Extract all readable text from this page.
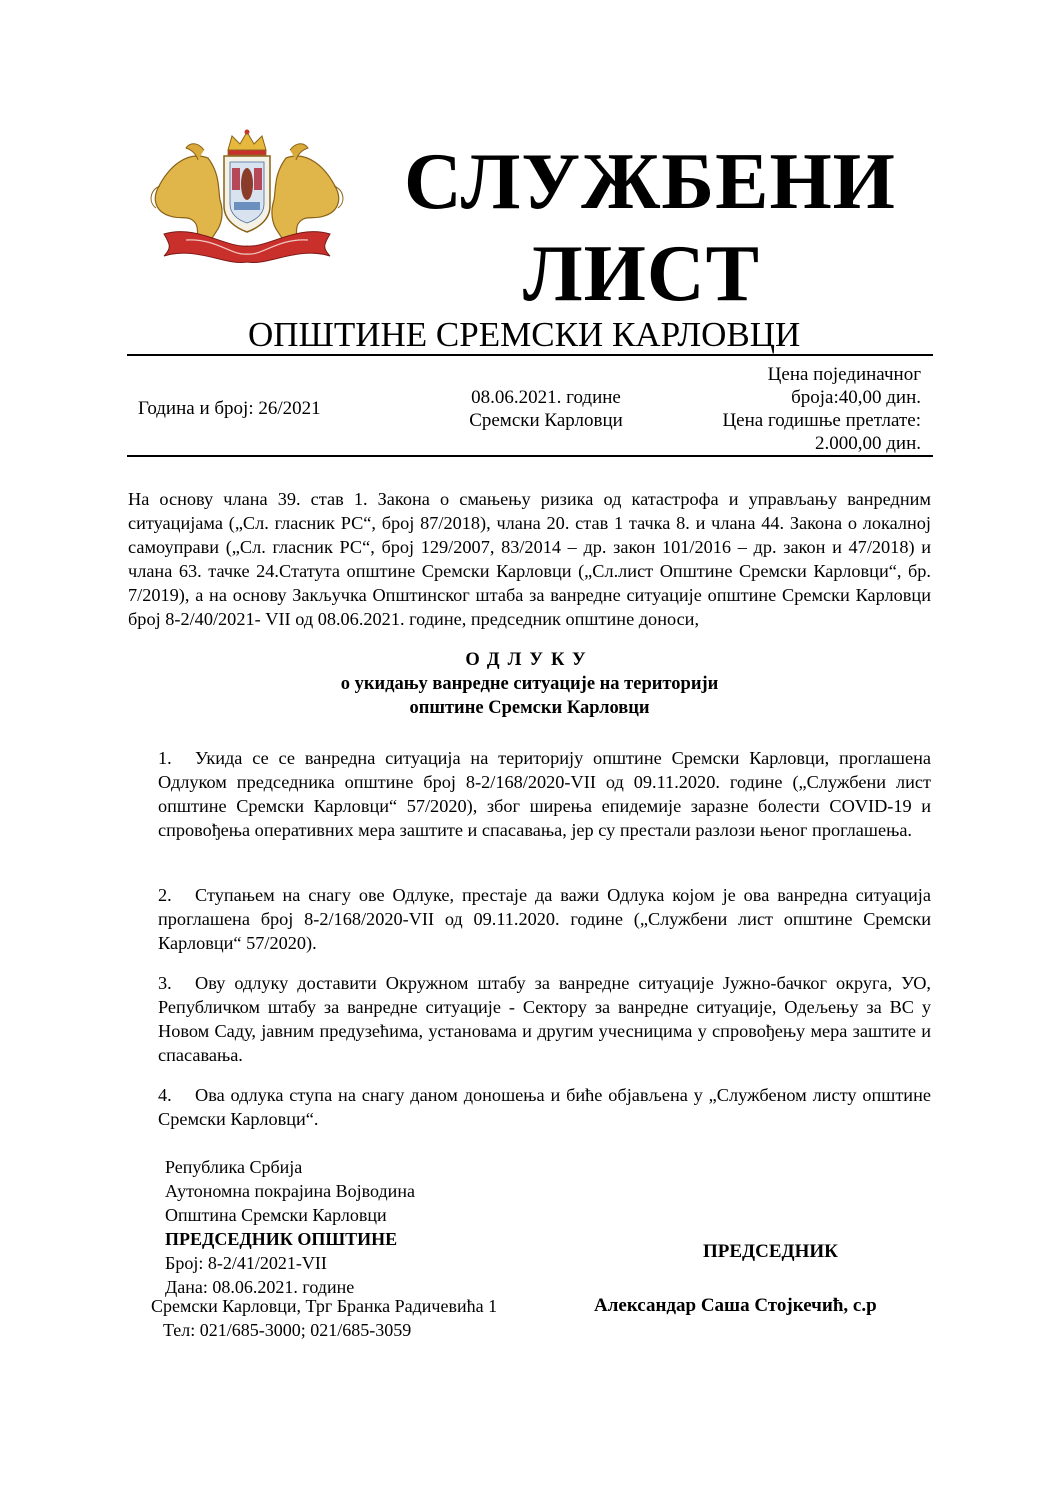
СЛУЖБЕНИ
ЛИСТ
ОПШТИНЕ СРЕМСКИ КАРЛОВЦИ
Година и број: 26/2021
08.06.2021. године
Сремски Карловци
Цена појединачног
броја:40,00 дин.
Цена годишње претлате:
2.000,00 дин.
На основу члана 39. став 1. Закона о смањењу ризика од катастрофа и управљању ванредним ситуацијама („Сл. гласник РС“, број 87/2018), члана 20. став 1 тачка 8. и члана 44. Закона о локалној самоуправи („Сл. гласник РС“, број 129/2007, 83/2014 – др. закон 101/2016 – др. закон и 47/2018) и члана 63. тачке 24.Статута општине Сремски Карловци („Сл.лист Општине Сремски Карловци“, бр. 7/2019), а на основу Закључка Општинског штаба за ванредне ситуације општине Сремски Карловци број 8-2/40/2021- VII од 08.06.2021. године, председник општине доноси,
ОДЛУКУ
о укидању ванредне ситуације на територији
општине Сремски Карловци
1. Укида се се ванредна ситуација на територију општине Сремски Карловци, проглашена Одлуком председника општине број 8-2/168/2020-VII од 09.11.2020. године („Службени лист општине Сремски Карловци“ 57/2020), због ширења епидемије заразне болести COVID-19 и спровођења оперативних мера заштите и спасавања, јер су престали разлози њеног проглашења.
2. Ступањем на снагу ове Одлуке, престаје да важи Одлука којом је ова ванредна ситуација проглашена број 8-2/168/2020-VII од 09.11.2020. године („Службени лист општине Сремски Карловци“ 57/2020).
3. Ову одлуку доставити Окружном штабу за ванредне ситуације Јужно-бачког округа, УО, Републичком штабу за ванредне ситуације - Сектору за ванредне ситуације, Одељењу за ВС у Новом Саду, јавним предузећима, установама и другим учесницима у спровођењу мера заштите и спасавања.
4. Ова одлука ступа на снагу даном доношења и биће објављена у „Службеном листу општине Сремски Карловци“.
Република Србија
Аутономна покрајина Војводина
Општина Сремски Карловци
ПРЕДСЕДНИК ОПШТИНЕ
Број: 8-2/41/2021-VII
Дана: 08.06.2021. године
Сремски Карловци, Трг Бранка Радичевића 1
Тел: 021/685-3000; 021/685-3059
ПРЕДСЕДНИК
Александар Саша Стојкечић, с.р
